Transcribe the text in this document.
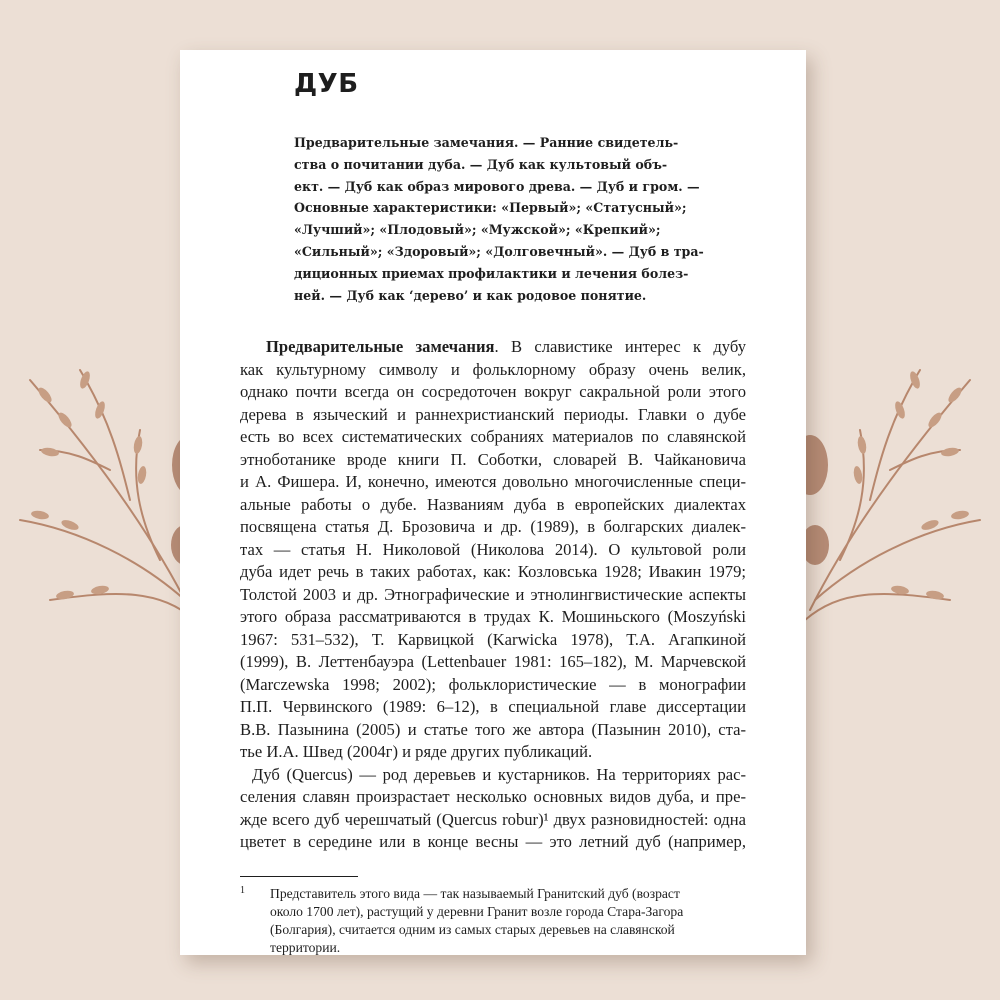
ДУБ
Предварительные замечания. — Ранние свидетель-
ства о почитании дуба. — Дуб как культовый объ-
ект. — Дуб как образ мирового древа. — Дуб и гром. —
Основные характеристики: «Первый»; «Статусный»;
«Лучший»; «Плодовый»; «Мужской»; «Крепкий»;
«Сильный»; «Здоровый»; «Долговечный». — Дуб в тра-
диционных приемах профилактики и лечения болез-
ней. — Дуб как ‘дерево’ и как родовое понятие.
Предварительные замечания. В славистике интерес к дубу
как культурному символу и фольклорному образу очень велик,
однако почти всегда он сосредоточен вокруг сакральной роли этого
дерева в языческий и раннехристианский периоды. Главки о дубе
есть во всех систематических собраниях материалов по славянской
этноботанике вроде книги П. Соботки, словарей В. Чайкановича
и А. Фишера. И, конечно, имеются довольно многочисленные специ-
альные работы о дубе. Названиям дуба в европейских диалектах
посвящена статья Д. Брозовича и др. (1989), в болгарских диалек-
тах — статья Н. Николовой (Николова 2014). О культовой роли
дуба идет речь в таких работах, как: Козловська 1928; Ивакин 1979;
Толстой 2003 и др. Этнографические и этнолингвистические аспекты
этого образа рассматриваются в трудах К. Мошиньского (Moszyński
1967: 531–532), Т. Карвицкой (Karwicka 1978), Т.А. Агапкиной
(1999), В. Леттенбауэра (Lettenbauer 1981: 165–182), М. Марчевской
(Marczewska 1998; 2002); фольклористические — в монографии
П.П. Червинского (1989: 6–12), в специальной главе диссертации
В.В. Пазынина (2005) и статье того же автора (Пазынин 2010), ста-
тье И.А. Швед (2004г) и ряде других публикаций.
Дуб (Quercus) — род деревьев и кустарников. На территориях рас-
селения славян произрастает несколько основных видов дуба, и пре-
жде всего дуб черешчатый (Quercus robur)¹ двух разновидностей: одна
цветет в середине или в конце весны — это летний дуб (например,
1 Представитель этого вида — так называемый Гранитский дуб (возраст
около 1700 лет), растущий у деревни Гранит возле города Стара-Загора
(Болгария), считается одним из самых старых деревьев на славянской
территории.
